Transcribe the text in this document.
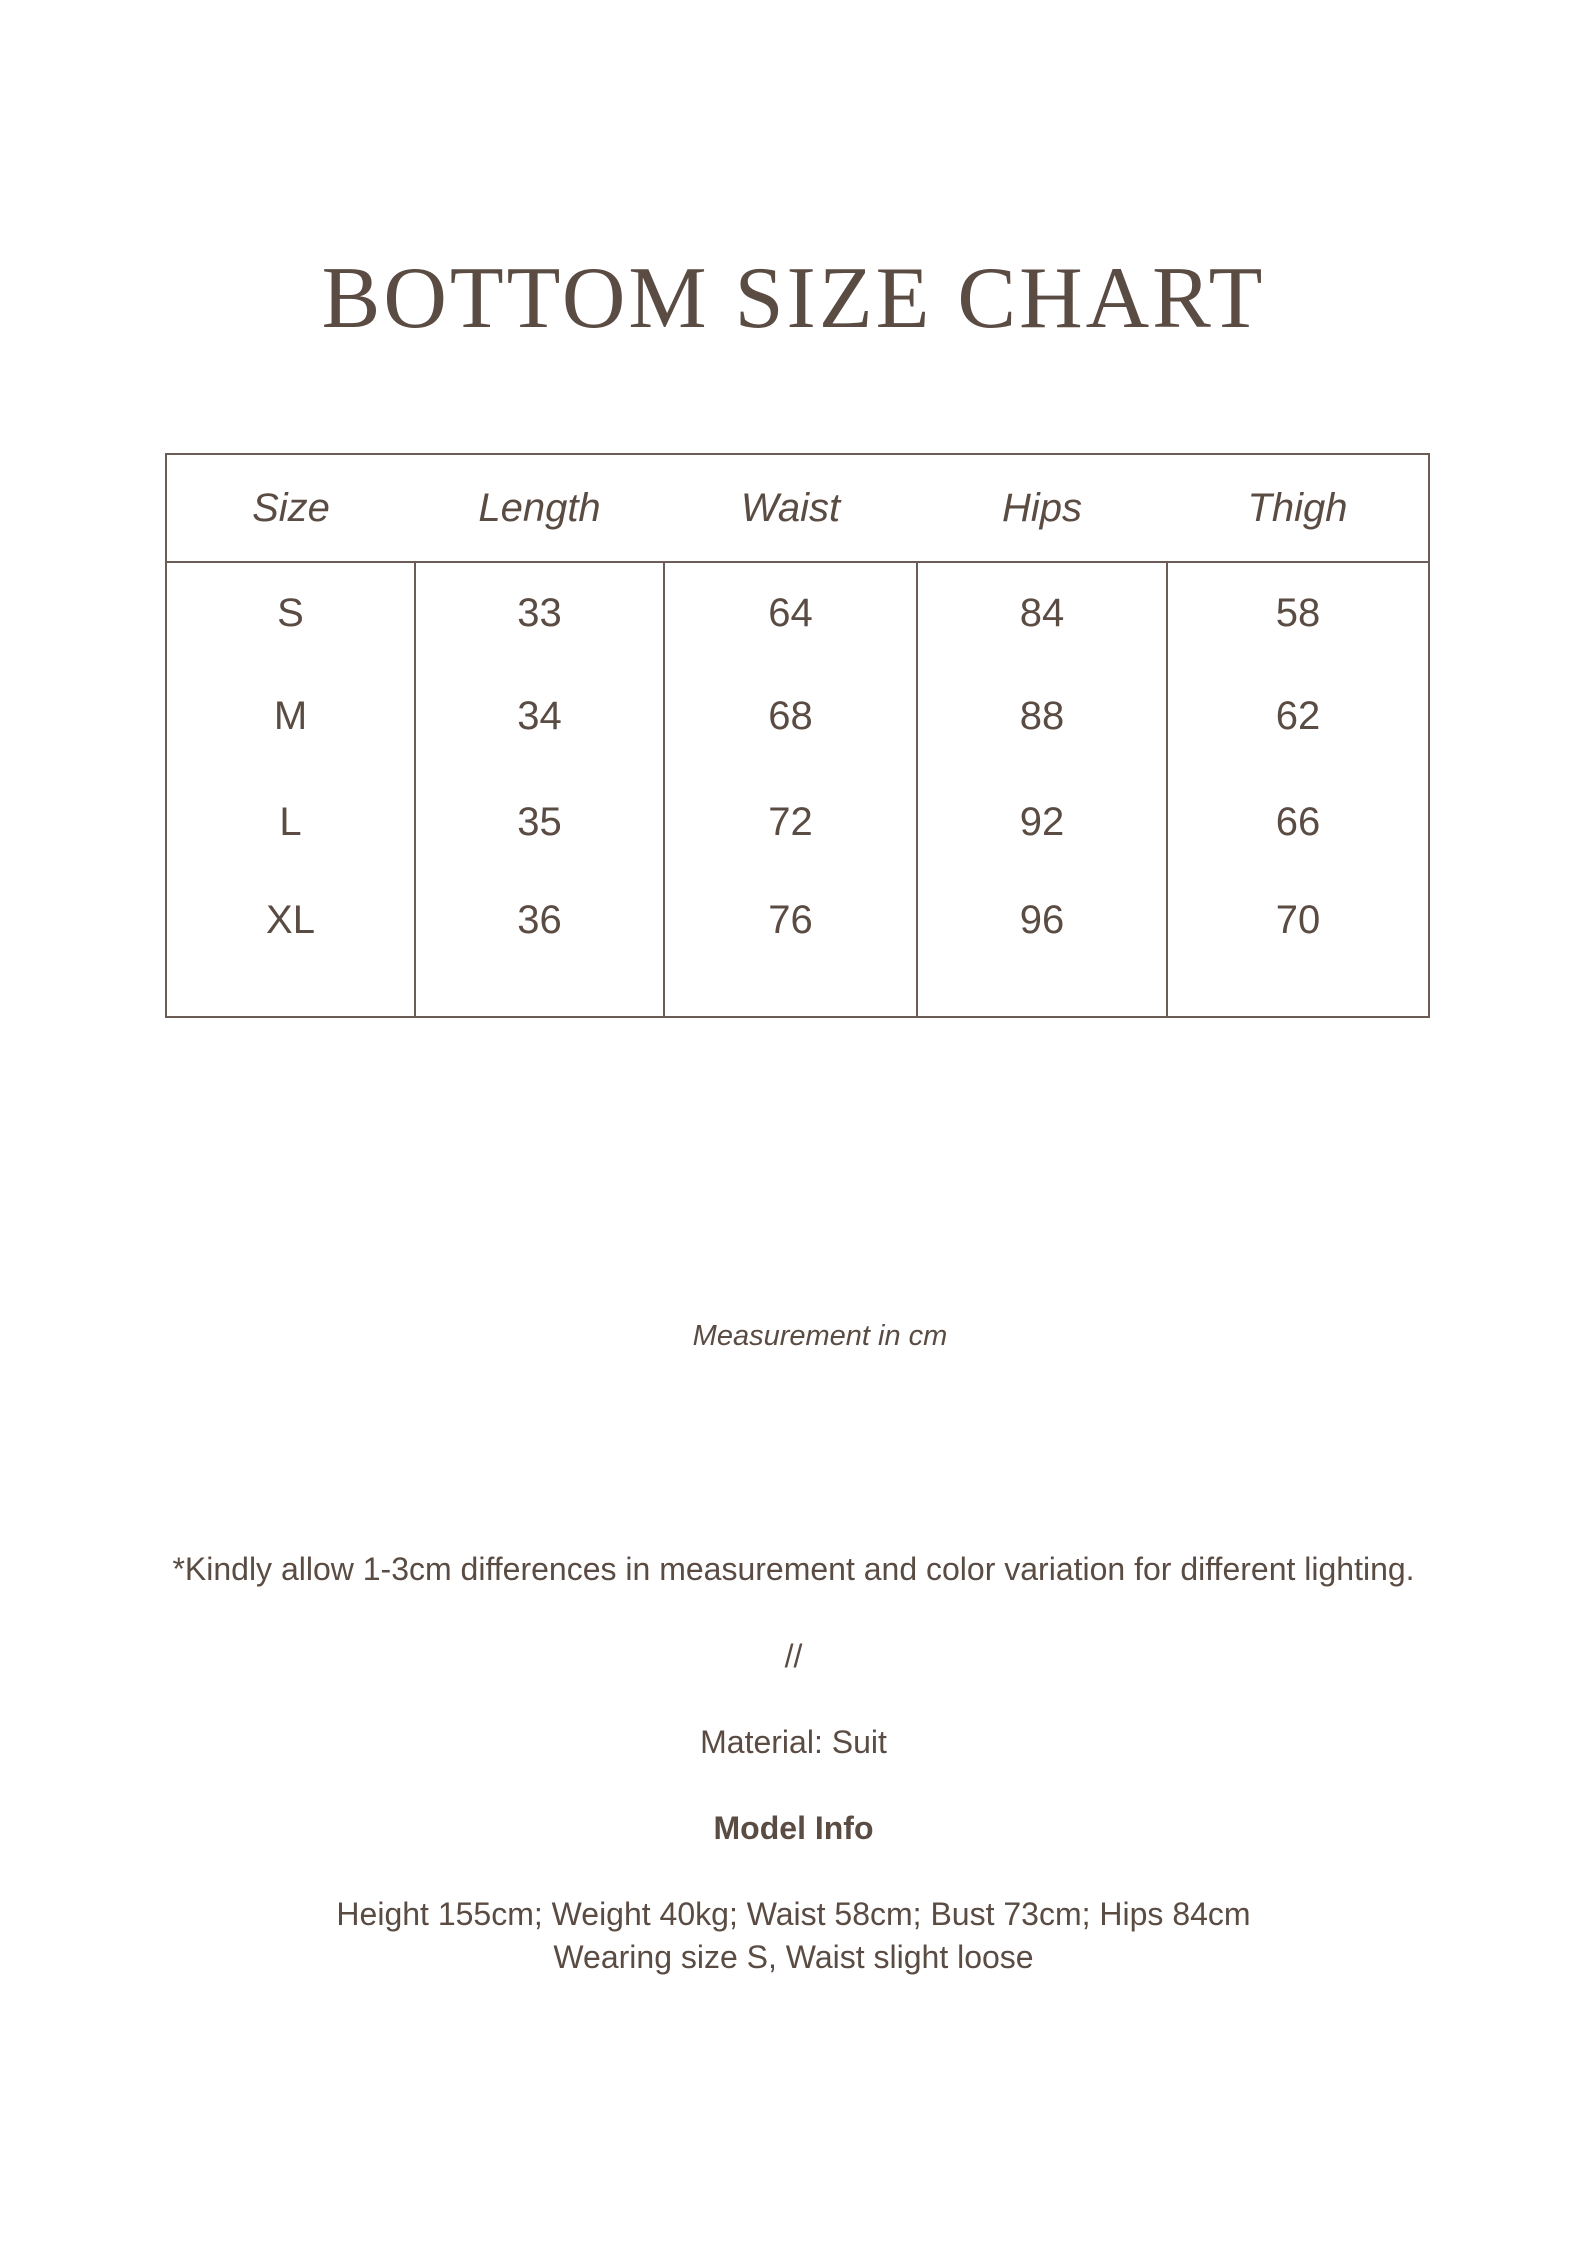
BOTTOM SIZE CHART
Size	Length	Waist	Hips	Thigh
S	33	64	84	58
M	34	68	88	62
L	35	72	92	66
XL	36	76	96	70
Measurement in cm
*Kindly allow 1-3cm differences in measurement and color variation for different lighting.
//
Material: Suit
Model Info
Height 155cm; Weight 40kg; Waist 58cm; Bust 73cm; Hips 84cm
Wearing size S, Waist slight loose
